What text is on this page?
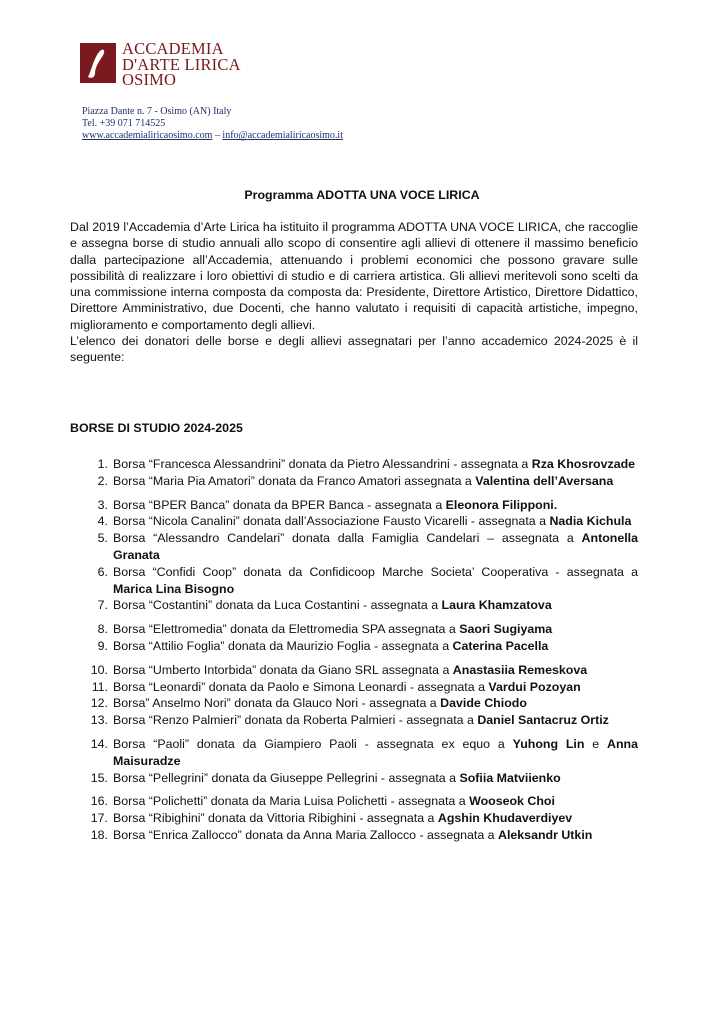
ACCADEMIA
D'ARTE LIRICA
OSIMO
Piazza Dante n. 7 - Osimo (AN) Italy
Tel. +39 071 714525
www.accademialiricaosimo.com – info@accademialiricaosimo.it
Programma ADOTTA UNA VOCE LIRICA

Dal 2019 l’Accademia d’Arte Lirica ha istituito il programma ADOTTA UNA VOCE LIRICA, che raccoglie e assegna borse di studio annuali allo scopo di consentire agli allievi di ottenere il massimo beneficio dalla partecipazione all’Accademia, attenuando i problemi economici che possono gravare sulle possibilità di realizzare i loro obiettivi di studio e di carriera artistica. Gli allievi meritevoli sono scelti da una commissione interna composta da composta da: Presidente, Direttore Artistico, Direttore Didattico, Direttore Amministrativo, due Docenti, che hanno valutato i requisiti di capacità artistiche, impegno, miglioramento e comportamento degli allievi.

L’elenco dei donatori delle borse e degli allievi assegnatari per l’anno accademico 2024-2025 è il seguente:

BORSE DI STUDIO 2024-2025
1. Borsa “Francesca Alessandrini” donata da Pietro Alessandrini - assegnata a Rza Khosrovzade
2. Borsa “Maria Pia Amatori” donata da Franco Amatori assegnata a Valentina dell’Aversana
3. Borsa “BPER Banca” donata da BPER Banca - assegnata a Eleonora Filipponi.
4. Borsa “Nicola Canalini” donata dall’Associazione Fausto Vicarelli - assegnata a Nadia Kichula
5. Borsa “Alessandro Candelari” donata dalla Famiglia Candelari – assegnata a Antonella Granata
6. Borsa “Confidi Coop” donata da Confidicoop Marche Societa’ Cooperativa - assegnata a Marica Lina Bisogno
7. Borsa “Costantini” donata da Luca Costantini - assegnata a Laura Khamzatova
8. Borsa “Elettromedia” donata da Elettromedia SPA assegnata a Saori Sugiyama
9. Borsa “Attilio Foglia” donata da Maurizio Foglia - assegnata a Caterina Pacella
10. Borsa “Umberto Intorbida” donata da Giano SRL assegnata a Anastasiia Remeskova
11. Borsa “Leonardi” donata da Paolo e Simona Leonardi - assegnata a Vardui Pozoyan
12. Borsa” Anselmo Nori” donata da Glauco Nori - assegnata a Davide Chiodo
13. Borsa “Renzo Palmieri” donata da Roberta Palmieri - assegnata a Daniel Santacruz Ortiz
14. Borsa “Paoli” donata da Giampiero Paoli - assegnata ex equo a Yuhong Lin e Anna Maisuradze
15. Borsa “Pellegrini” donata da Giuseppe Pellegrini - assegnata a Sofiia Matviienko
16. Borsa “Polichetti” donata da Maria Luisa Polichetti - assegnata a Wooseok Choi
17. Borsa “Ribighini” donata da Vittoria Ribighini - assegnata a Agshin Khudaverdiyev
18. Borsa “Enrica Zallocco” donata da Anna Maria Zallocco - assegnata a Aleksandr Utkin
